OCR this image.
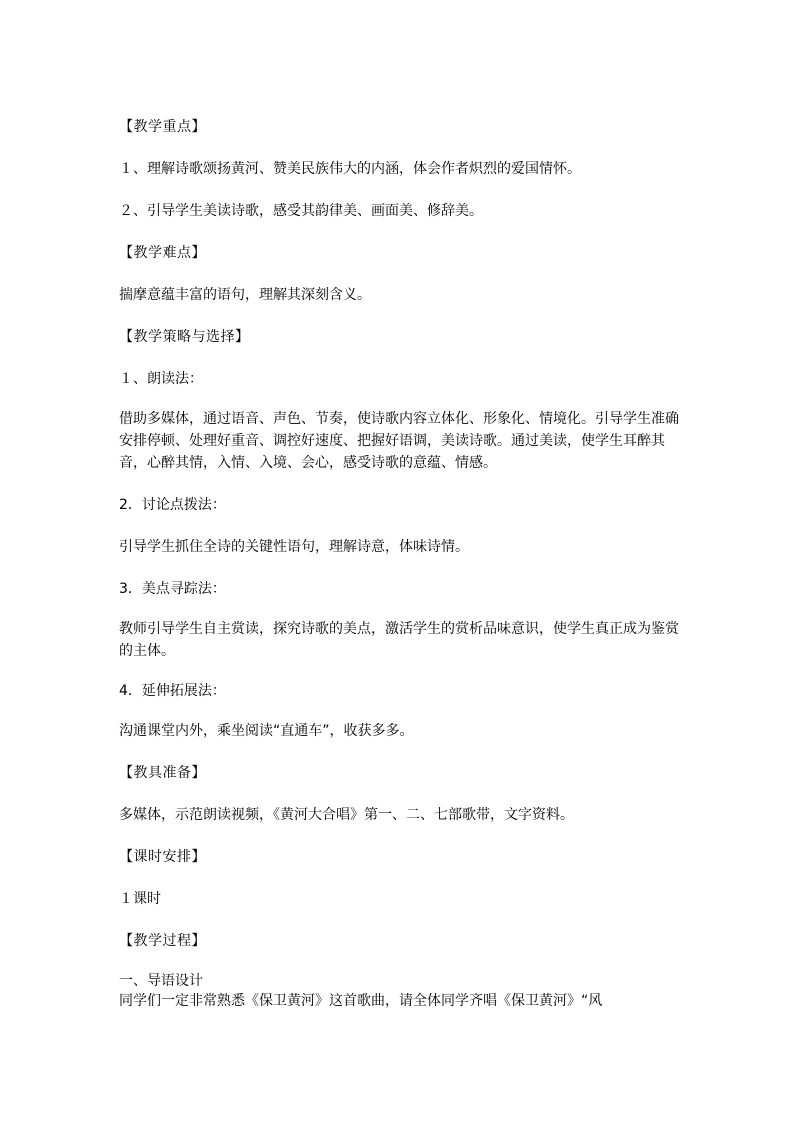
【教学重点】
１、理解诗歌颂扬黄河、赞美民族伟大的内涵，体会作者炽烈的爱国情怀。
２、引导学生美读诗歌，感受其韵律美、画面美、修辞美。
【教学难点】
揣摩意蕴丰富的语句，理解其深刻含义。
【教学策略与选择】
１、朗读法：
借助多媒体，通过语音、声色、节奏，使诗歌内容立体化、形象化、情境化。引导学生准确安排停顿、处理好重音、调控好速度、把握好语调，美读诗歌。通过美读，使学生耳醉其音，心醉其情，入情、入境、会心，感受诗歌的意蕴、情感。
2．讨论点拨法：
引导学生抓住全诗的关键性语句，理解诗意，体味诗情。
3．美点寻踪法：
教师引导学生自主赏读，探究诗歌的美点，激活学生的赏析品味意识，使学生真正成为鉴赏的主体。
4．延伸拓展法：
沟通课堂内外，乘坐阅读“直通车”，收获多多。
【教具准备】
多媒体，示范朗读视频，《黄河大合唱》第一、二、七部歌带，文字资料。
【课时安排】
１课时
【教学过程】
一、导语设计
同学们一定非常熟悉《保卫黄河》这首歌曲，请全体同学齐唱《保卫黄河》“风
